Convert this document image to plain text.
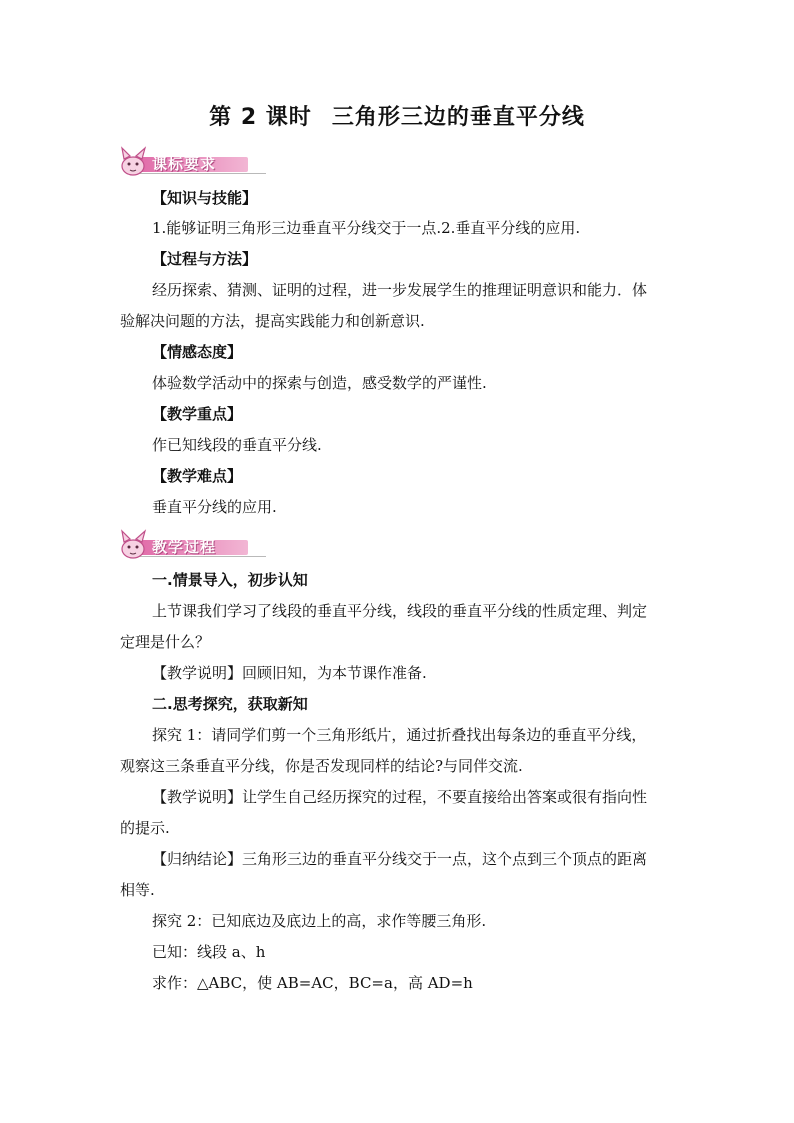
第 2 课时 三角形三边的垂直平分线
课标要求
【知识与技能】
1.能够证明三角形三边垂直平分线交于一点.2.垂直平分线的应用.
【过程与方法】
经历探索、猜测、证明的过程，进一步发展学生的推理证明意识和能力．体
验解决问题的方法，提高实践能力和创新意识.
【情感态度】
体验数学活动中的探索与创造，感受数学的严谨性.
【教学重点】
作已知线段的垂直平分线.
【教学难点】
垂直平分线的应用.
教学过程
一.情景导入，初步认知
上节课我们学习了线段的垂直平分线，线段的垂直平分线的性质定理、判定
定理是什么？
【教学说明】回顾旧知，为本节课作准备.
二.思考探究，获取新知
探究 1：请同学们剪一个三角形纸片，通过折叠找出每条边的垂直平分线，
观察这三条垂直平分线，你是否发现同样的结论?与同伴交流.
【教学说明】让学生自己经历探究的过程，不要直接给出答案或很有指向性
的提示.
【归纳结论】三角形三边的垂直平分线交于一点，这个点到三个顶点的距离
相等.
探究 2：已知底边及底边上的高，求作等腰三角形.
已知：线段 a、h
求作：△ABC，使 AB=AC，BC=a，高 AD=h
